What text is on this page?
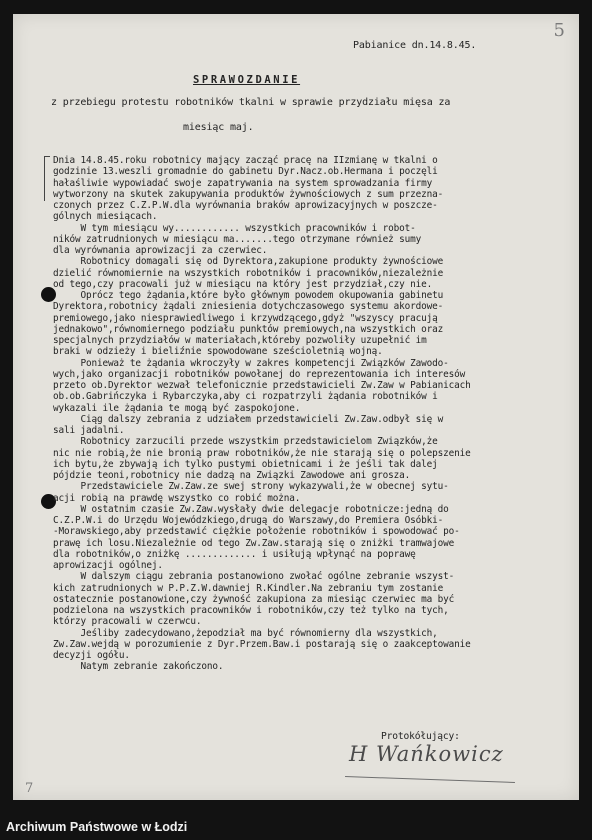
5
Pabianice dn.14.8.45.
SPRAWOZDANIE
z przebiegu protestu robotników tkalni w sprawie przydziału mięsa za
miesiąc maj.
Dnia 14.8.45.roku robotnicy mający zacząć pracę na IIzmianę w tkalni o
godzinie 13.weszli gromadnie do gabinetu Dyr.Nacz.ob.Hermana i poczęli
hałaśliwie wypowiadać swoje zapatrywania na system sprowadzania firmy
wytworzony na skutek zakupywania produktów żywnościowych z sum przezna-
czonych przez C.Z.P.W.dla wyrównania braków aprowizacyjnych w poszcze-
gólnych miesiącach.
W tym miesiącu wy............ wszystkich pracowników i robot-
ników zatrudnionych w miesiącu ma.......tego otrzymane również sumy
dla wyrównania aprowizacji za czerwiec.
Robotnicy domagali się od Dyrektora,zakupione produkty żywnościowe
dzielić równomiernie na wszystkich robotników i pracowników,niezależnie
od tego,czy pracowali już w miesiącu na który jest przydział,czy nie.
Oprócz tego żądania,które było głównym powodem okupowania gabinetu
Dyrektora,robotnicy żądali zniesienia dotychczasowego systemu akordowe-
premiowego,jako niesprawiedliwego i krzywdzącego,gdyż "wszyscy pracują
jednakowo",równomiernego podziału punktów premiowych,na wszystkich oraz
specjalnych przydziałów w materiałach,któreby pozwoliły uzupełnić im
braki w odzieży i bieliźnie spowodowane sześcioletnią wojną.
Ponieważ te żądania wkroczyły w zakres kompetencji Związków Zawodo-
wych,jako organizacji robotników powołanej do reprezentowania ich interesów
przeto ob.Dyrektor wezwał telefonicznie przedstawicieli Zw.Zaw w Pabianicach
ob.ob.Gabrińczyka i Rybarczyka,aby ci rozpatrzyli żądania robotników i
wykazali ile żądania te mogą być zaspokojone.
Ciąg dalszy zebrania z udziałem przedstawicieli Zw.Zaw.odbył się w
sali jadalni.
Robotnicy zarzucili przede wszystkim przedstawicielom Związków,że
nic nie robią,że nie bronią praw robotników,że nie starają się o polepszenie
ich bytu,że zbywają ich tylko pustymi obietnicami i że jeśli tak dalej
pójdzie teoni,robotnicy nie dadzą na Związki Zawodowe ani grosza.
Przedstawiciele Zw.Zaw.ze swej strony wykazywali,że w obecnej sytu-
acji robią na prawdę wszystko co robić można.
W ostatnim czasie Zw.Zaw.wysłały dwie delegacje robotnicze:jedną do
C.Z.P.W.i do Urzędu Wojewódzkiego,drugą do Warszawy,do Premiera Osóbki-
-Morawskiego,aby przedstawić ciężkie położenie robotników i spowodować po-
prawę ich losu.Niezależnie od tego Zw.Zaw.starają się o zniżki tramwajowe
dla robotników,o zniżkę ............. i usiłują wpłynąć na poprawę
aprowizacji ogólnej.
W dalszym ciągu zebrania postanowiono zwołać ogólne zebranie wszyst-
kich zatrudnionych w P.P.Z.W.dawniej R.Kindler.Na zebraniu tym zostanie
ostatecznie postanowione,czy żywność zakupiona za miesiąc czerwiec ma być
podzielona na wszystkich pracowników i robotników,czy też tylko na tych,
którzy pracowali w czerwcu.
Jeśliby zadecydowano,żepodział ma być równomierny dla wszystkich,
Zw.Zaw.wejdą w porozumienie z Dyr.Przem.Baw.i postarają się o zaakceptowanie
decyzji ogółu.
Natym zebranie zakończono.
Protokółujący:
H Wańkowicz
7
Archiwum Państwowe w Łodzi
